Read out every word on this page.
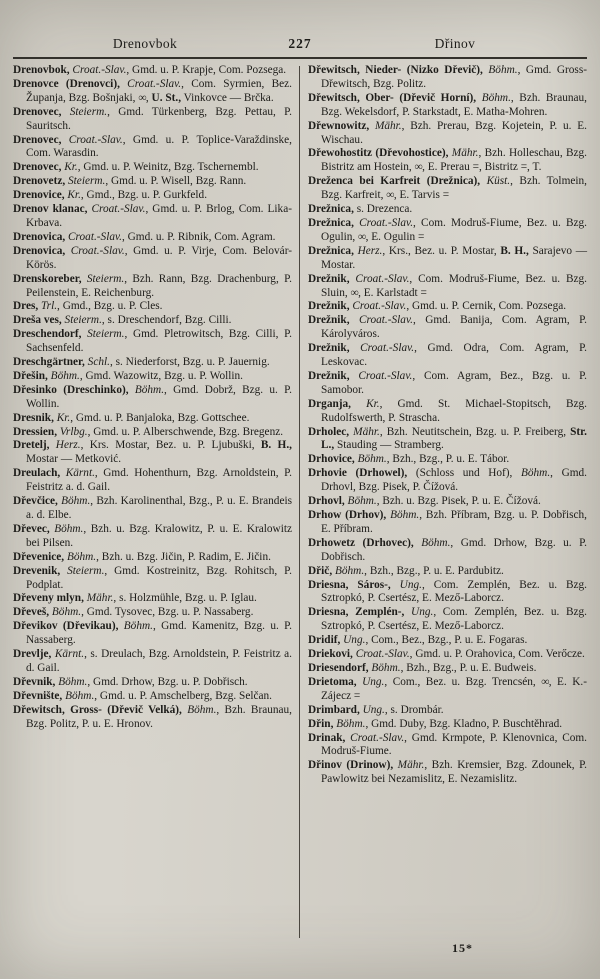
Drenovbok	227	Dřinov

Drenovbok, Croat.-Slav., Gmd. u. P. Krapje, Com. Pozsega.

Drenovce (Drenovci), Croat.-Slav., Com. Syrmien, Bez. Županja, Bzg. Bošnjaki, ∞, U. St., Vinkovce — Brčka.

Drenovec, Steierm., Gmd. Türkenberg, Bzg. Pettau, P. Sauritsch.

Drenovec, Croat.-Slav., Gmd. u. P. Toplice-Varaždinske, Com. Warasdin.

Drenovec, Kr., Gmd. u. P. Weinitz, Bzg. Tschernembl.

Drenovetz, Steierm., Gmd. u. P. Wisell, Bzg. Rann.

Drenovice, Kr., Gmd., Bzg. u. P. Gurkfeld.

Drenov klanac, Croat.-Slav., Gmd. u. P. Brlog, Com. Lika-Krbava.

Drenovica, Croat.-Slav., Gmd. u. P. Ribnik, Com. Agram.

Drenovica, Croat.-Slav., Gmd. u. P. Virje, Com. Belovár-Körös.

Drenskoreber, Steierm., Bzh. Rann, Bzg. Drachenburg, P. Peilenstein, E. Reichenburg.

Dres, Trl., Gmd., Bzg. u. P. Cles.

Dreša ves, Steierm., s. Dreschendorf, Bzg. Cilli.

Dreschendorf, Steierm., Gmd. Pletrowitsch, Bzg. Cilli, P. Sachsenfeld.

Dreschgärtner, Schl., s. Niederforst, Bzg. u. P. Jauernig.

Dřešin, Böhm., Gmd. Wazowitz, Bzg. u. P. Wollin.

Dřesinko (Dreschinko), Böhm., Gmd. Dobrž, Bzg. u. P. Wollin.

Dresnik, Kr., Gmd. u. P. Banjaloka, Bzg. Gottschee.

Dressien, Vrlbg., Gmd. u. P. Alberschwende, Bzg. Bregenz.

Dretelj, Herz., Krs. Mostar, Bez. u. P. Ljubuški, B. H., Mostar — Metković.

Dreulach, Kärnt., Gmd. Hohenthurn, Bzg. Arnoldstein, P. Feistritz a. d. Gail.

Dřevčice, Böhm., Bzh. Karolinenthal, Bzg., P. u. E. Brandeis a. d. Elbe.

Dřevec, Böhm., Bzh. u. Bzg. Kralowitz, P. u. E. Kralowitz bei Pilsen.

Dřevenice, Böhm., Bzh. u. Bzg. Jičin, P. Radim, E. Jičin.

Drevenik, Steierm., Gmd. Kostreinitz, Bzg. Rohitsch, P. Podplat.

Dřeveny mlyn, Mähr., s. Holzmühle, Bzg. u. P. Iglau.

Dřeveš, Böhm., Gmd. Tysovec, Bzg. u. P. Nassaberg.

Dřevikov (Dřevikau), Böhm., Gmd. Kamenitz, Bzg. u. P. Nassaberg.

Drevlje, Kärnt., s. Dreulach, Bzg. Arnoldstein, P. Feistritz a. d. Gail.

Dřevnik, Böhm., Gmd. Drhow, Bzg. u. P. Dobřisch.

Dřevnište, Böhm., Gmd. u. P. Amschelberg, Bzg. Selčan.

Dřewitsch, Gross- (Dřevič Velká), Böhm., Bzh. Braunau, Bzg. Politz, P. u. E. Hronov.

Dřewitsch, Nieder- (Nizko Dřevič), Böhm., Gmd. Gross-Dřewitsch, Bzg. Politz.

Dřewitsch, Ober- (Dřevič Horní), Böhm., Bzh. Braunau, Bzg. Wekelsdorf, P. Starkstadt, E. Matha-Mohren.

Dřewnowitz, Mähr., Bzh. Prerau, Bzg. Kojetein, P. u. E. Wischau.

Dřewohostitz (Dřevohostice), Mähr., Bzh. Holleschau, Bzg. Bistritz am Hostein, ∞, E. Prerau =, Bistritz =, T.

Dreženca bei Karfreit (Drežnica), Küst., Bzh. Tolmein, Bzg. Karfreit, ∞, E. Tarvis =

Drežnica, s. Drezenca.

Drežnica, Croat.-Slav., Com. Modruš-Fiume, Bez. u. Bzg. Ogulin, ∞, E. Ogulin =

Drežnica, Herz., Krs., Bez. u. P. Mostar, B. H., Sarajevo — Mostar.

Drežnik, Croat.-Slav., Com. Modruš-Fiume, Bez. u. Bzg. Sluin, ∞, E. Karlstadt =

Drežnik, Croat.-Slav., Gmd. u. P. Cernik, Com. Pozsega.

Drežnik, Croat.-Slav., Gmd. Banija, Com. Agram, P. Károlyváros.

Drežnik, Croat.-Slav., Gmd. Odra, Com. Agram, P. Leskovac.

Drežnik, Croat.-Slav., Com. Agram, Bez., Bzg. u. P. Samobor.

Drganja, Kr., Gmd. St. Michael-Stopitsch, Bzg. Rudolfswerth, P. Strascha.

Drholec, Mähr., Bzh. Neutitschein, Bzg. u. P. Freiberg, Str. L., Stauding — Stramberg.

Drhovice, Böhm., Bzh., Bzg., P. u. E. Tábor.

Drhovie (Drhowel), (Schloss und Hof), Böhm., Gmd. Drhovl, Bzg. Pisek, P. Čížová.

Drhovl, Böhm., Bzh. u. Bzg. Pisek, P. u. E. Čížová.

Drhow (Drhov), Böhm., Bzh. Příbram, Bzg. u. P. Dobřisch, E. Příbram.

Drhowetz (Drhovec), Böhm., Gmd. Drhow, Bzg. u. P. Dobřisch.

Dřič, Böhm., Bzh., Bzg., P. u. E. Pardubitz.

Driesna, Sáros-, Ung., Com. Zemplén, Bez. u. Bzg. Sztropkó, P. Csertész, E. Mező-Laborcz.

Driesna, Zemplén-, Ung., Com. Zemplén, Bez. u. Bzg. Sztropkó, P. Csertész, E. Mező-Laborcz.

Dridif, Ung., Com., Bez., Bzg., P. u. E. Fogaras.

Driekovi, Croat.-Slav., Gmd. u. P. Orahovica, Com. Verőcze.

Driesendorf, Böhm., Bzh., Bzg., P. u. E. Budweis.

Drietoma, Ung., Com., Bez. u. Bzg. Trencsén, ∞, E. K.-Zájecz =

Drimbard, Ung., s. Drombár.

Dřin, Böhm., Gmd. Duby, Bzg. Kladno, P. Buschtěhrad.

Drinak, Croat.-Slav., Gmd. Krmpote, P. Klenovnica, Com. Modruš-Fiume.

Dřinov (Drinow), Mähr., Bzh. Kremsier, Bzg. Zdounek, P. Pawlowitz bei Nezamislitz, E. Nezamislitz.

15*
